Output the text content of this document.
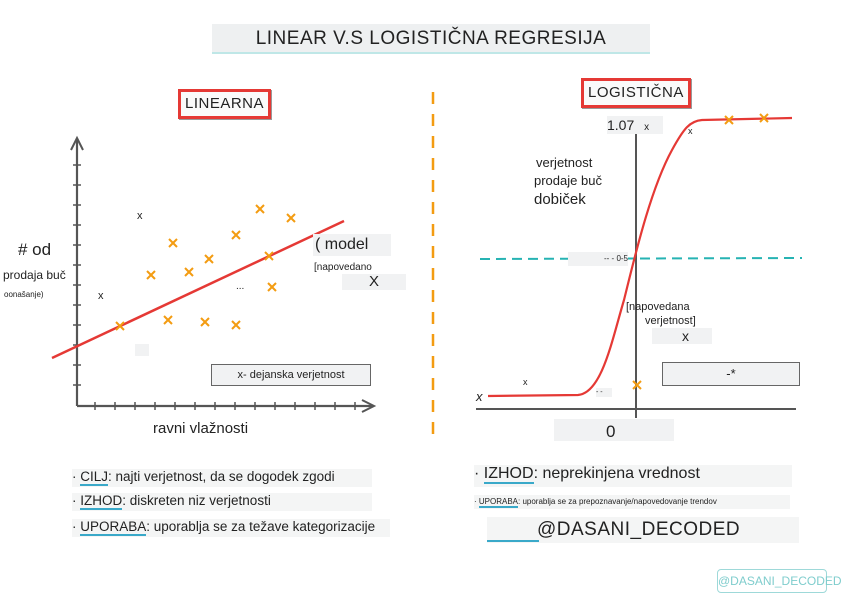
LINEAR V.S LOGISTIČNA REGRESIJA
LINEARNA
# od
prodaja buč
oonašanje)
x
x
...
( model
[napovedano
X
x- dejanska verjetnost
ravni vlažnosti
LOGISTIČNA
1.07 x	x
verjetnost
prodaje buč
dobiček
-- - 0-5
[napovedana
verjetnost]
x
-*
x
x
- -
0
· CILJ: najti verjetnost, da se dogodek zgodi
· IZHOD: diskreten niz verjetnosti
· UPORABA: uporablja se za težave kategorizacije
· IZHOD: neprekinjena vrednost
· UPORABA: uporablja se za prepoznavanje/napovedovanje trendov
@DASANI_DECODED
@DASANI_DECODED
